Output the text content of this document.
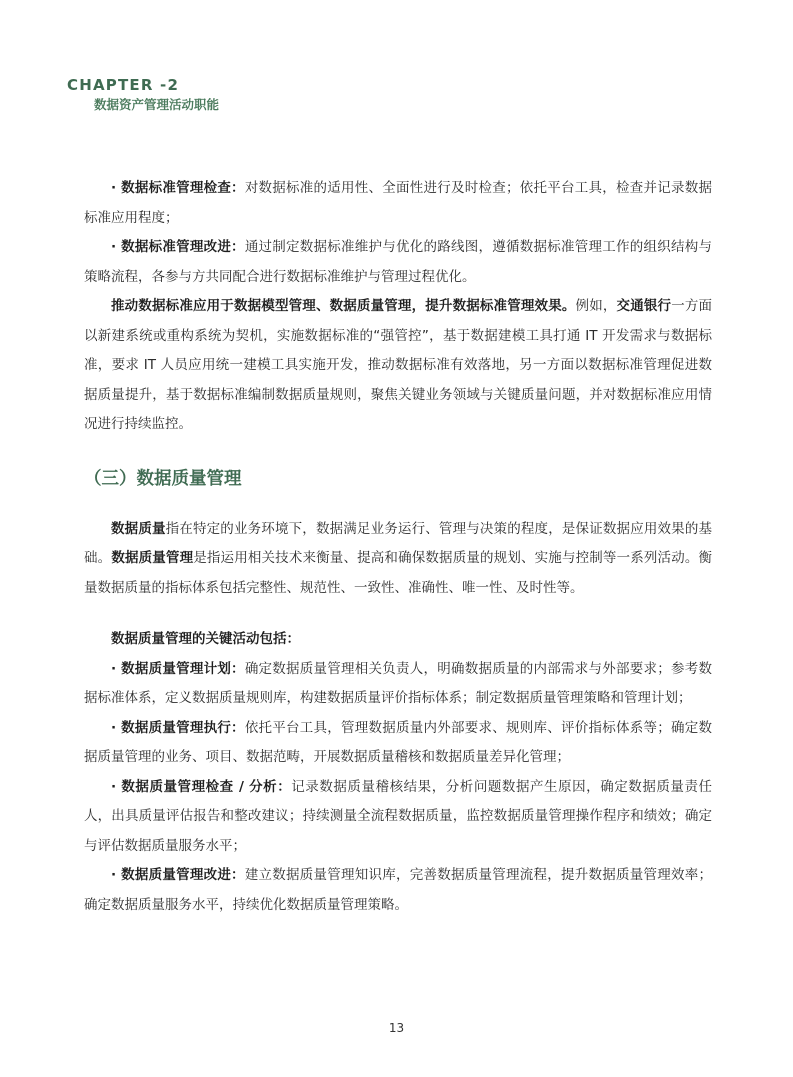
CHAPTER -2
数据资产管理活动职能

· 数据标准管理检查：对数据标准的适用性、全面性进行及时检查；依托平台工具，检查并记录数据标准应用程度；

· 数据标准管理改进：通过制定数据标准维护与优化的路线图，遵循数据标准管理工作的组织结构与策略流程，各参与方共同配合进行数据标准维护与管理过程优化。

推动数据标准应用于数据模型管理、数据质量管理，提升数据标准管理效果。例如，交通银行一方面以新建系统或重构系统为契机，实施数据标准的“强管控”，基于数据建模工具打通 IT 开发需求与数据标准，要求 IT 人员应用统一建模工具实施开发，推动数据标准有效落地，另一方面以数据标准管理促进数据质量提升，基于数据标准编制数据质量规则，聚焦关键业务领域与关键质量问题，并对数据标准应用情况进行持续监控。

（三）数据质量管理

数据质量指在特定的业务环境下，数据满足业务运行、管理与决策的程度，是保证数据应用效果的基础。数据质量管理是指运用相关技术来衡量、提高和确保数据质量的规划、实施与控制等一系列活动。衡量数据质量的指标体系包括完整性、规范性、一致性、准确性、唯一性、及时性等。

数据质量管理的关键活动包括：

· 数据质量管理计划：确定数据质量管理相关负责人，明确数据质量的内部需求与外部要求；参考数据标准体系，定义数据质量规则库，构建数据质量评价指标体系；制定数据质量管理策略和管理计划；

· 数据质量管理执行：依托平台工具，管理数据质量内外部要求、规则库、评价指标体系等；确定数据质量管理的业务、项目、数据范畴，开展数据质量稽核和数据质量差异化管理；

· 数据质量管理检查 / 分析：记录数据质量稽核结果，分析问题数据产生原因，确定数据质量责任人，出具质量评估报告和整改建议；持续测量全流程数据质量，监控数据质量管理操作程序和绩效；确定与评估数据质量服务水平；

· 数据质量管理改进：建立数据质量管理知识库，完善数据质量管理流程，提升数据质量管理效率；确定数据质量服务水平，持续优化数据质量管理策略。

13
